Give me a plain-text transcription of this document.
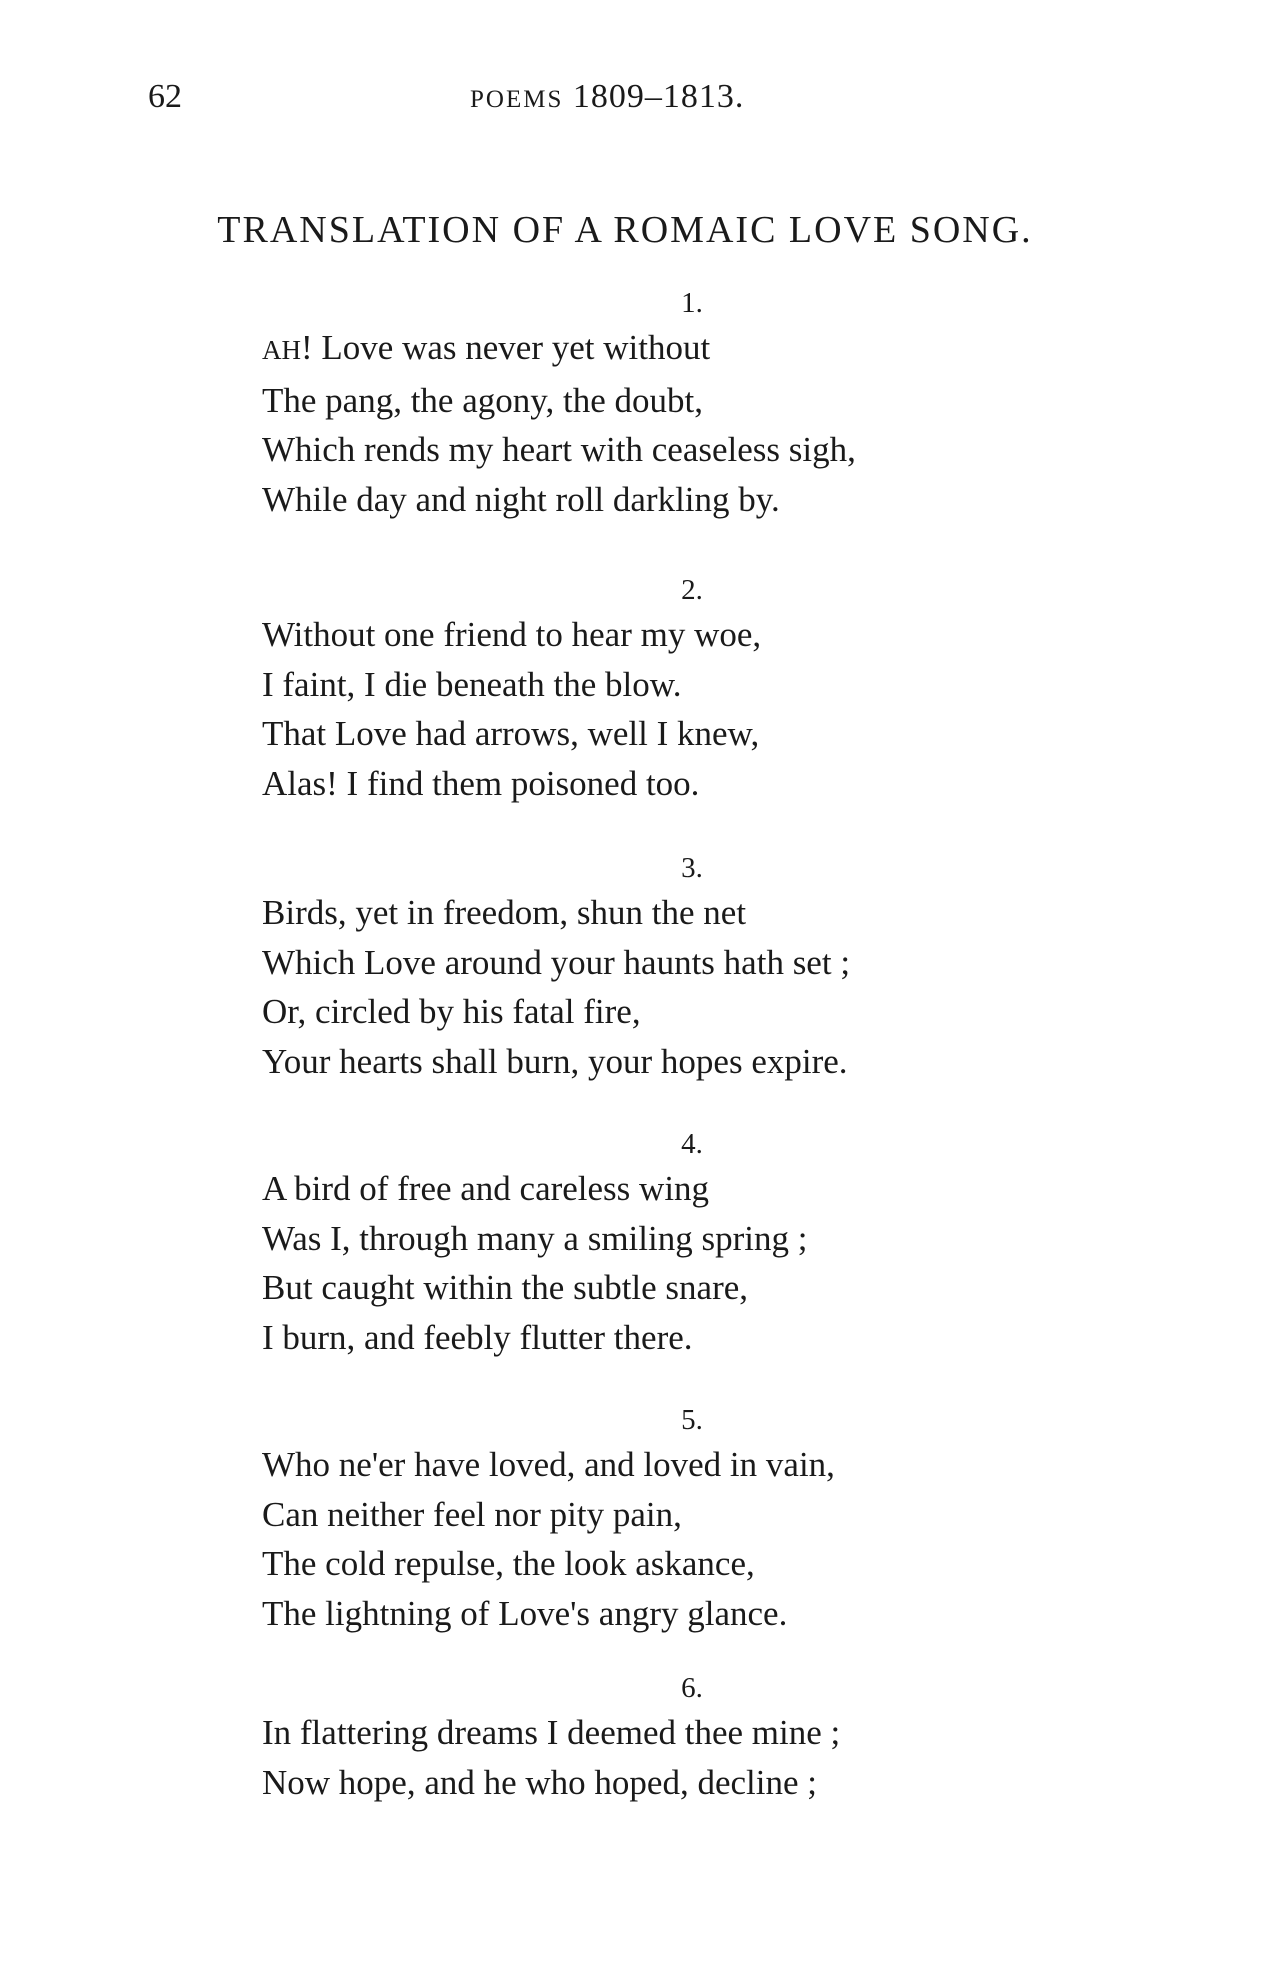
62	POEMS 1809–1813.
TRANSLATION OF A ROMAIC LOVE SONG.
1.
AH! Love was never yet without
The pang, the agony, the doubt,
Which rends my heart with ceaseless sigh,
While day and night roll darkling by.
2.
Without one friend to hear my woe,
I faint, I die beneath the blow.
That Love had arrows, well I knew,
Alas! I find them poisoned too.
3.
Birds, yet in freedom, shun the net
Which Love around your haunts hath set ;
Or, circled by his fatal fire,
Your hearts shall burn, your hopes expire.
4.
A bird of free and careless wing
Was I, through many a smiling spring ;
But caught within the subtle snare,
I burn, and feebly flutter there.
5.
Who ne'er have loved, and loved in vain,
Can neither feel nor pity pain,
The cold repulse, the look askance,
The lightning of Love's angry glance.
6.
In flattering dreams I deemed thee mine ;
Now hope, and he who hoped, decline ;
